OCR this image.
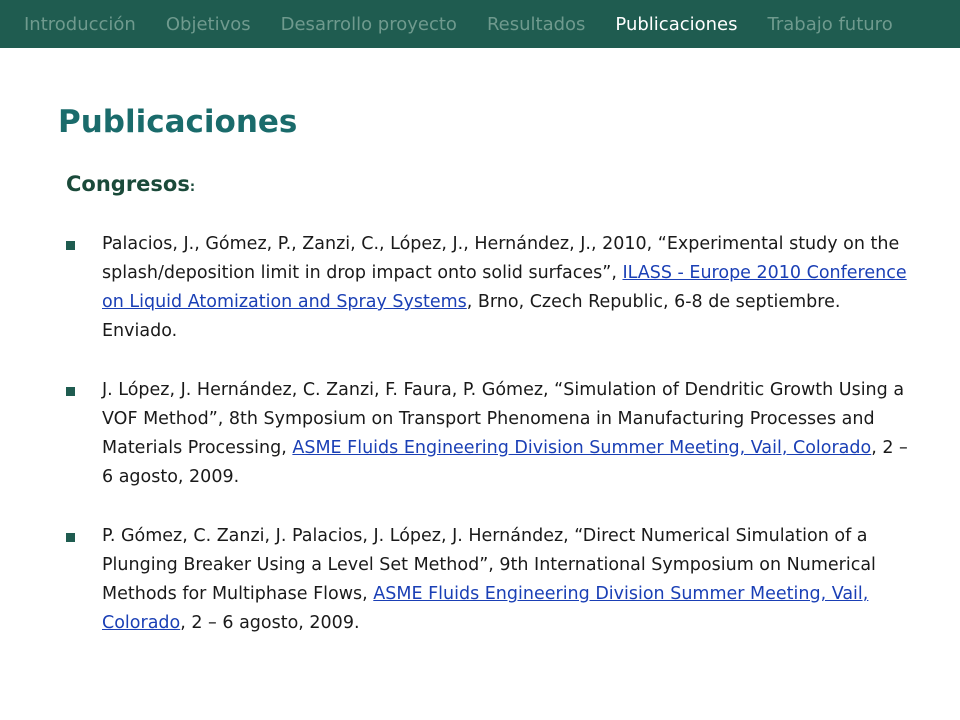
Introducción Objetivos Desarrollo proyecto Resultados Publicaciones Trabajo futuro
Publicaciones
Congresos:

Palacios, J., Gómez, P., Zanzi, C., López, J., Hernández, J., 2010, “Experimental study on the splash/deposition limit in drop impact onto solid surfaces”, ILASS - Europe 2010 Conference on Liquid Atomization and Spray Systems, Brno, Czech Republic, 6-8 de septiembre. Enviado.

J. López, J. Hernández, C. Zanzi, F. Faura, P. Gómez, “Simulation of Dendritic Growth Using a VOF Method”, 8th Symposium on Transport Phenomena in Manufacturing Processes and Materials Processing, ASME Fluids Engineering Division Summer Meeting, Vail, Colorado, 2 – 6 agosto, 2009.

P. Gómez, C. Zanzi, J. Palacios, J. López, J. Hernández, “Direct Numerical Simulation of a Plunging Breaker Using a Level Set Method”, 9th International Symposium on Numerical Methods for Multiphase Flows, ASME Fluids Engineering Division Summer Meeting, Vail, Colorado, 2 – 6 agosto, 2009.
